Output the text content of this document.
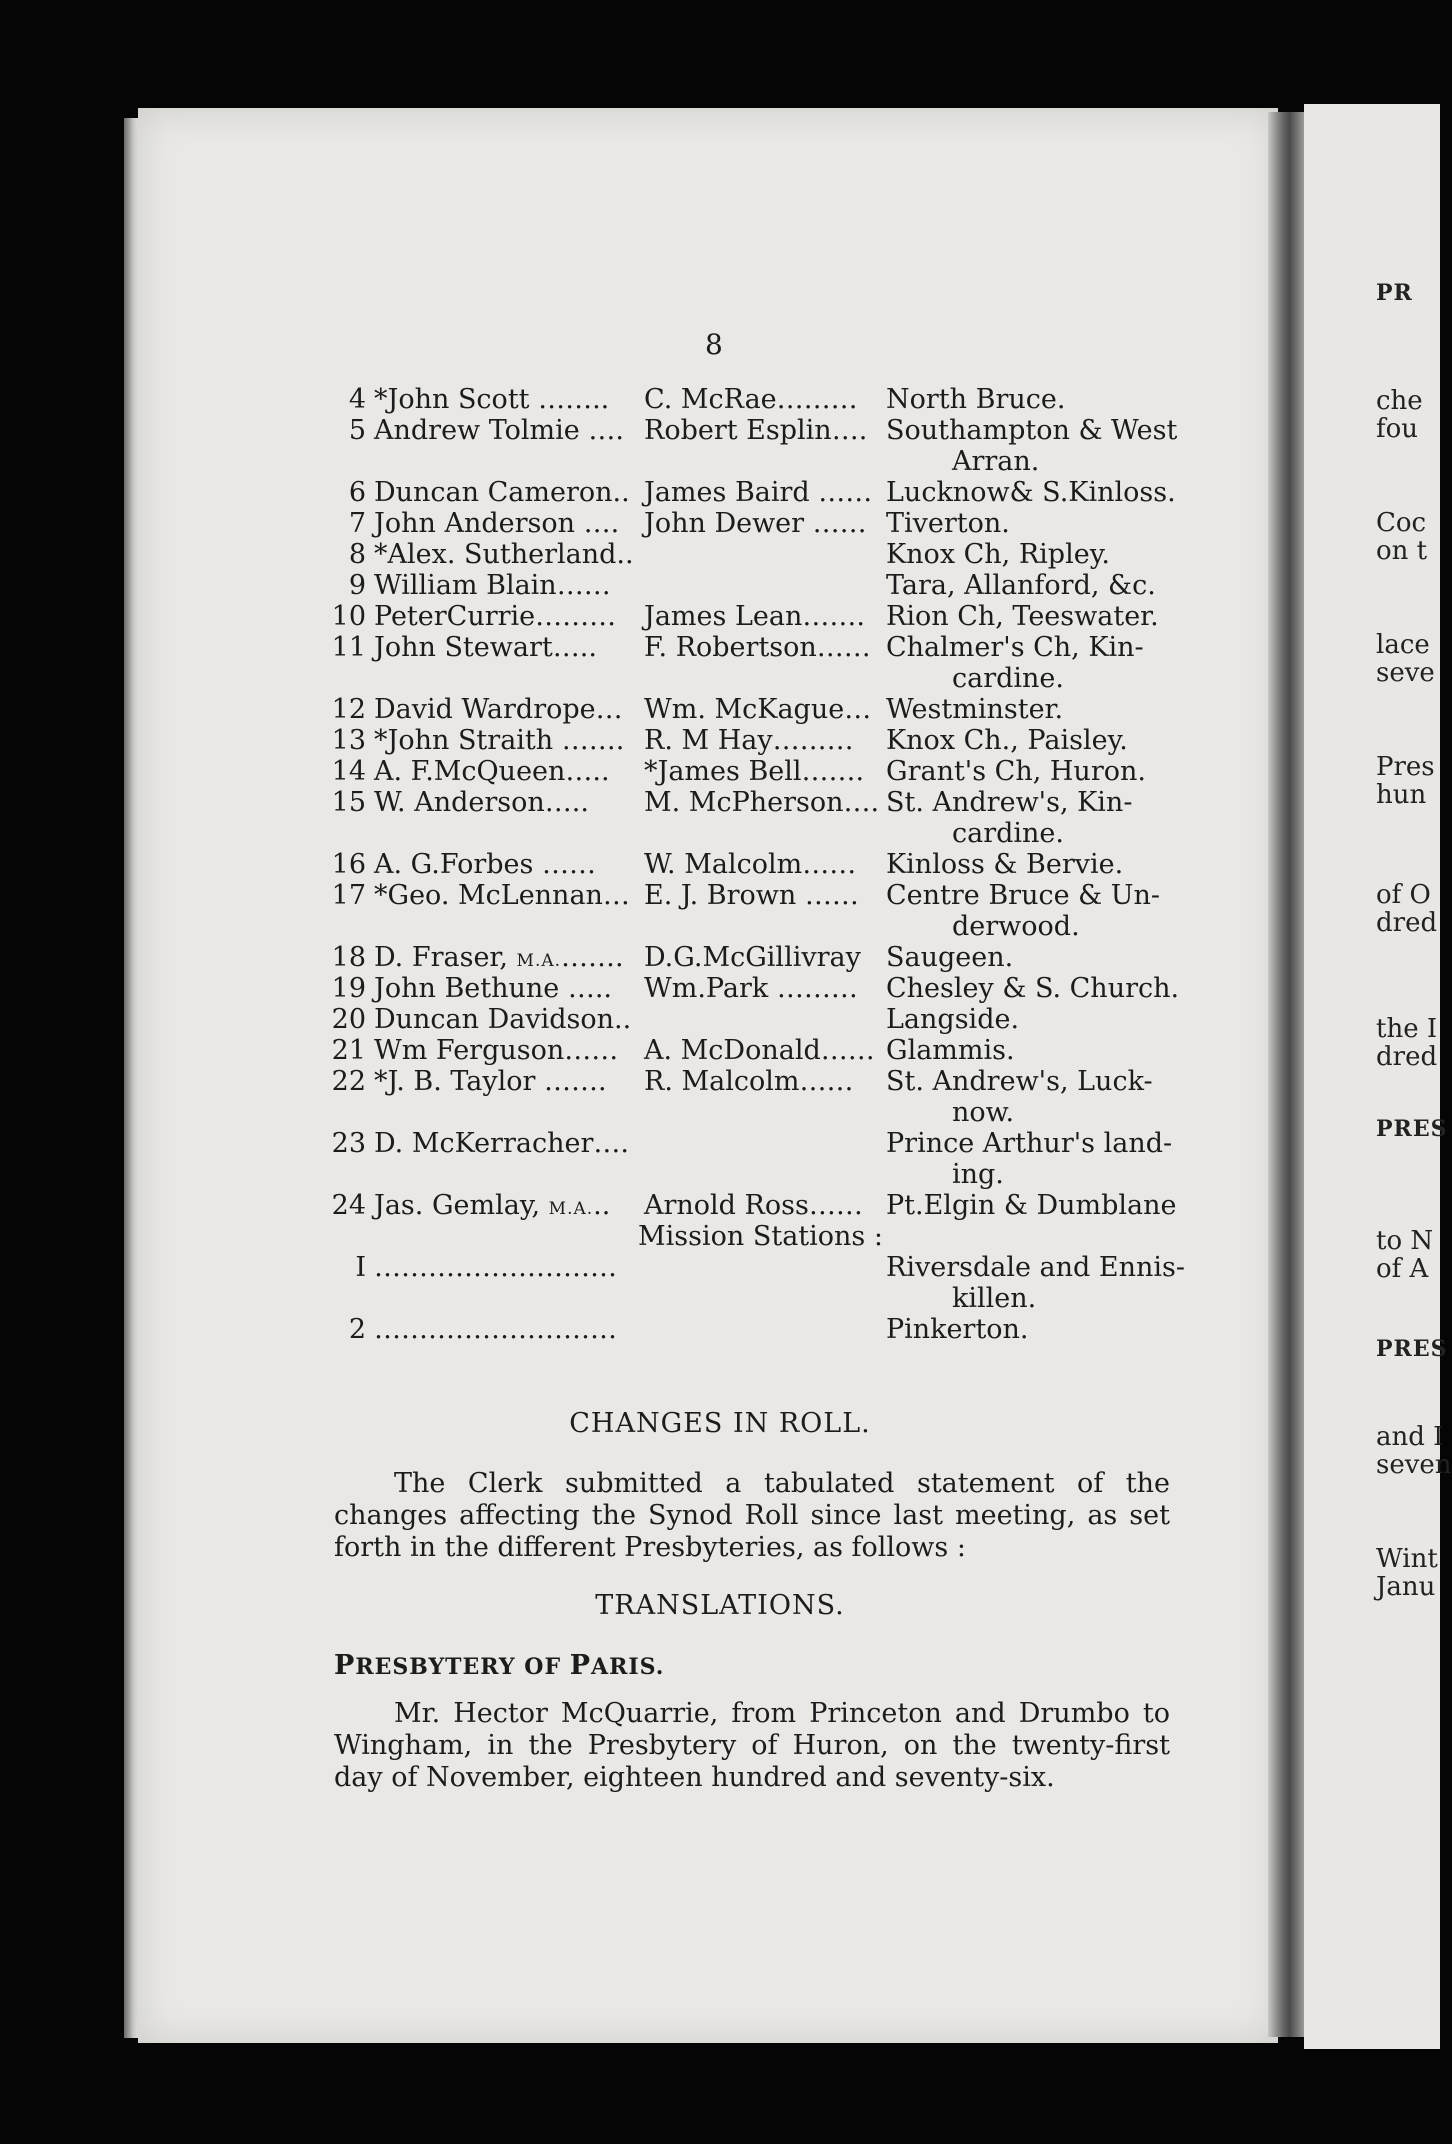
PR
che
fou
Coc
on t
lace
seve
Pres
hun
of O
dred
the I
dred
PRES
to N
of A
PRES
and I
seven
Wint
Janu
8
4 *John Scott …….. C. McRae……… North Bruce.
5 Andrew Tolmie …. Robert Esplin…. Southampton & West
Arran.
6 Duncan Cameron.. James Baird …… Lucknow& S.Kinloss.
7 John Anderson …. John Dewer …… Tiverton.
8 *Alex. Sutherland..	Knox Ch, Ripley.
9 William Blain……	Tara, Allanford, &c.
10 PeterCurrie……… James Lean……. Rion Ch, Teeswater.
11 John Stewart….. F. Robertson…… Chalmer's Ch, Kin-
cardine.
12 David Wardrope… Wm. McKague… Westminster.
13 *John Straith ……. R. M Hay……… Knox Ch., Paisley.
14 A. F.McQueen….. *James Bell……. Grant's Ch, Huron.
15 W. Anderson….. M. McPherson…. St. Andrew's, Kin-
cardine.
16 A. G.Forbes …… W. Malcolm…… Kinloss & Bervie.
17 *Geo. McLennan… E. J. Brown …… Centre Bruce & Un-
derwood.
18 D. Fraser, M.A.……. D.G.McGillivray Saugeen.
19 John Bethune ….. Wm.Park ……… Chesley & S. Church.
20 Duncan Davidson..	Langside.
21 Wm Ferguson…… A. McDonald…… Glammis.
22 *J. B. Taylor ……. R. Malcolm…… St. Andrew's, Luck-
now.
23 D. McKerracher….	Prince Arthur's land-
ing.
24 Jas. Gemlay, M.A... Arnold Ross…… Pt.Elgin & Dumblane
Mission Stations :
I ………………………	Riversdale and Ennis-
killen.
2 ………………………	Pinkerton.
CHANGES IN ROLL.
The Clerk submitted a tabulated statement of the changes affecting the Synod Roll since last meeting, as set forth in the different Presbyteries, as follows :
TRANSLATIONS.
PRESBYTERY OF PARIS.
Mr. Hector McQuarrie, from Princeton and Drumbo to Wingham, in the Presbytery of Huron, on the twenty-first day of November, eighteen hundred and seventy-six.
